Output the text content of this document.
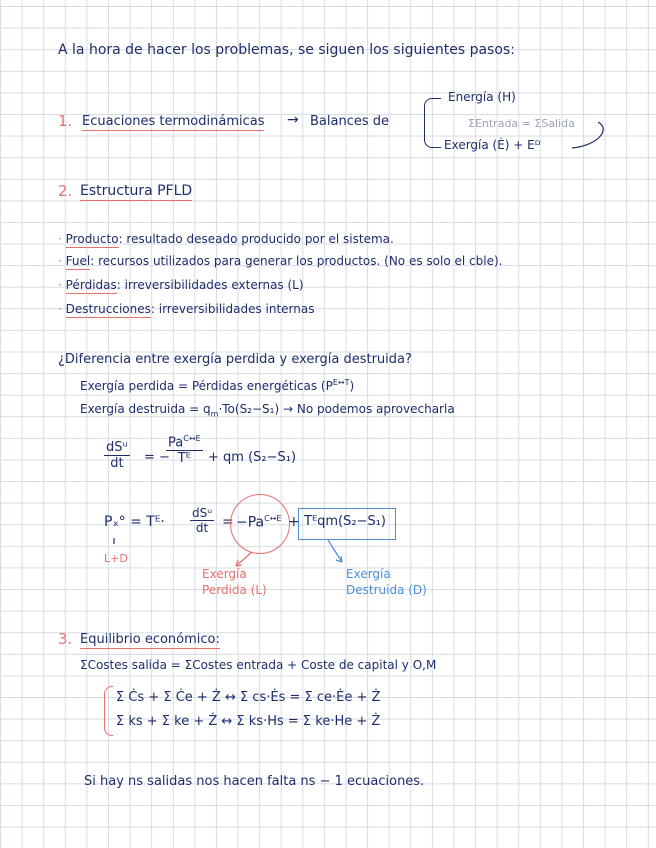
A la hora de hacer los problemas, se siguen los siguientes pasos:
1. Ecuaciones termodinámicas → Balances de
Energía (H)
ΣEntrada = ΣSalida
Exergía (Ė) + Eᴰ
2. Estructura PFLD
· Producto: resultado deseado producido por el sistema.
· Fuel: recursos utilizados para generar los productos. (No es solo el cble).
· Pérdidas: irreversibilidades externas (L)
· Destrucciones: irreversibilidades internas
¿Diferencia entre exergía perdida y exergía destruida?
Exergía perdida = Pérdidas energéticas $(P^{E\leftrightarrow T})$
Exergía destruida = $q_m\cdot To(S_2-S_1) \to No$ podemos aprovecharla
dSᵘ
dt	= −
$Pa^{C\leftrightarrow E}$
Tᴱ	+ qm (S₂−S₁)
Pₓ° = Tᴱ·
dSᵘ
dt = $-Pa^{C\leftrightarrow E}$ + Tᴱqm(S₂−S₁)
L+D
Exergía Perdida (L)
Exergía Destruida (D)
3. Equilibrio económico:
ΣCostes salida = ΣCostes entrada + Coste de capital y O,M
Σ Ċs + Σ Ċe + Ż ↔ Σ cs·Ės = Σ ce·Ėe + Ż
Σ ks + Σ ke + Ż ↔ Σ ks·Hs = Σ ke·He + Ż
Si hay ns salidas nos hacen falta ns − 1 ecuaciones.
